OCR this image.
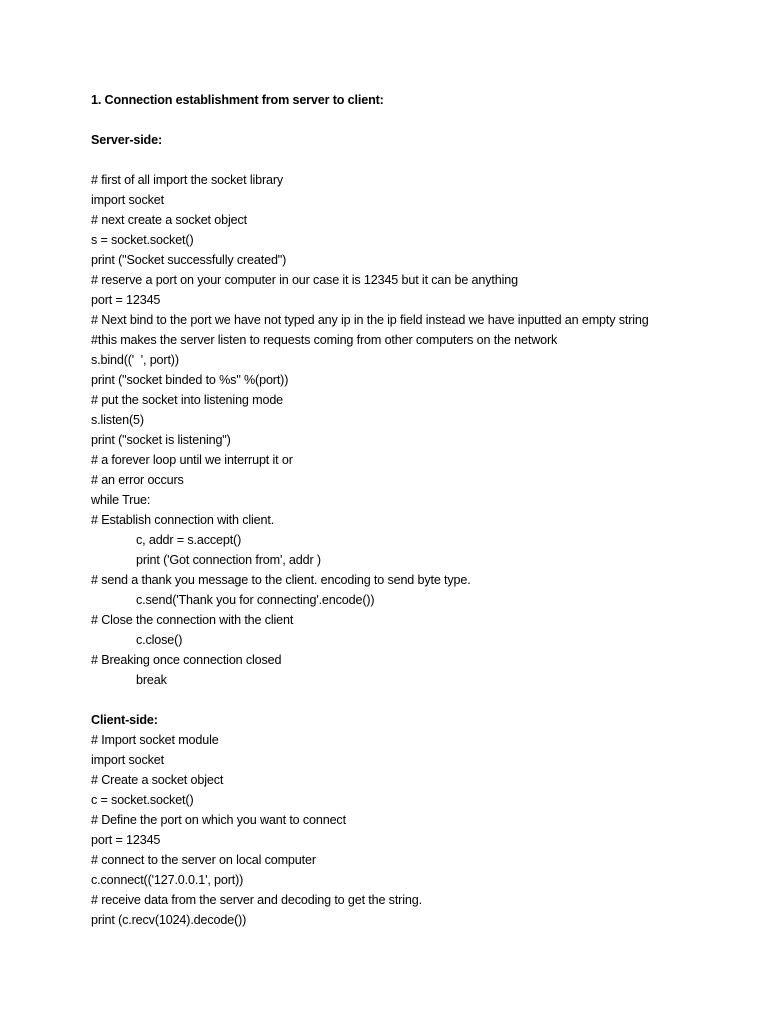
1. Connection establishment from server to client:
Server-side:
# first of all import the socket library
import socket
# next create a socket object
s = socket.socket()
print ("Socket successfully created")
# reserve a port on your computer in our case it is 12345 but it can be anything
port = 12345
# Next bind to the port we have not typed any ip in the ip field instead we have inputted an empty string
#this makes the server listen to requests coming from other computers on the network
s.bind(('  ', port))
print ("socket binded to %s" %(port))
# put the socket into listening mode
s.listen(5)
print ("socket is listening")
# a forever loop until we interrupt it or
# an error occurs
while True:
# Establish connection with client.
c, addr = s.accept()
print ('Got connection from', addr )
# send a thank you message to the client. encoding to send byte type.
c.send('Thank you for connecting'.encode())
# Close the connection with the client
c.close()
# Breaking once connection closed
break
Client-side:
# Import socket module
import socket
# Create a socket object
c = socket.socket()
# Define the port on which you want to connect
port = 12345
# connect to the server on local computer
c.connect(('127.0.0.1', port))
# receive data from the server and decoding to get the string.
print (c.recv(1024).decode())
